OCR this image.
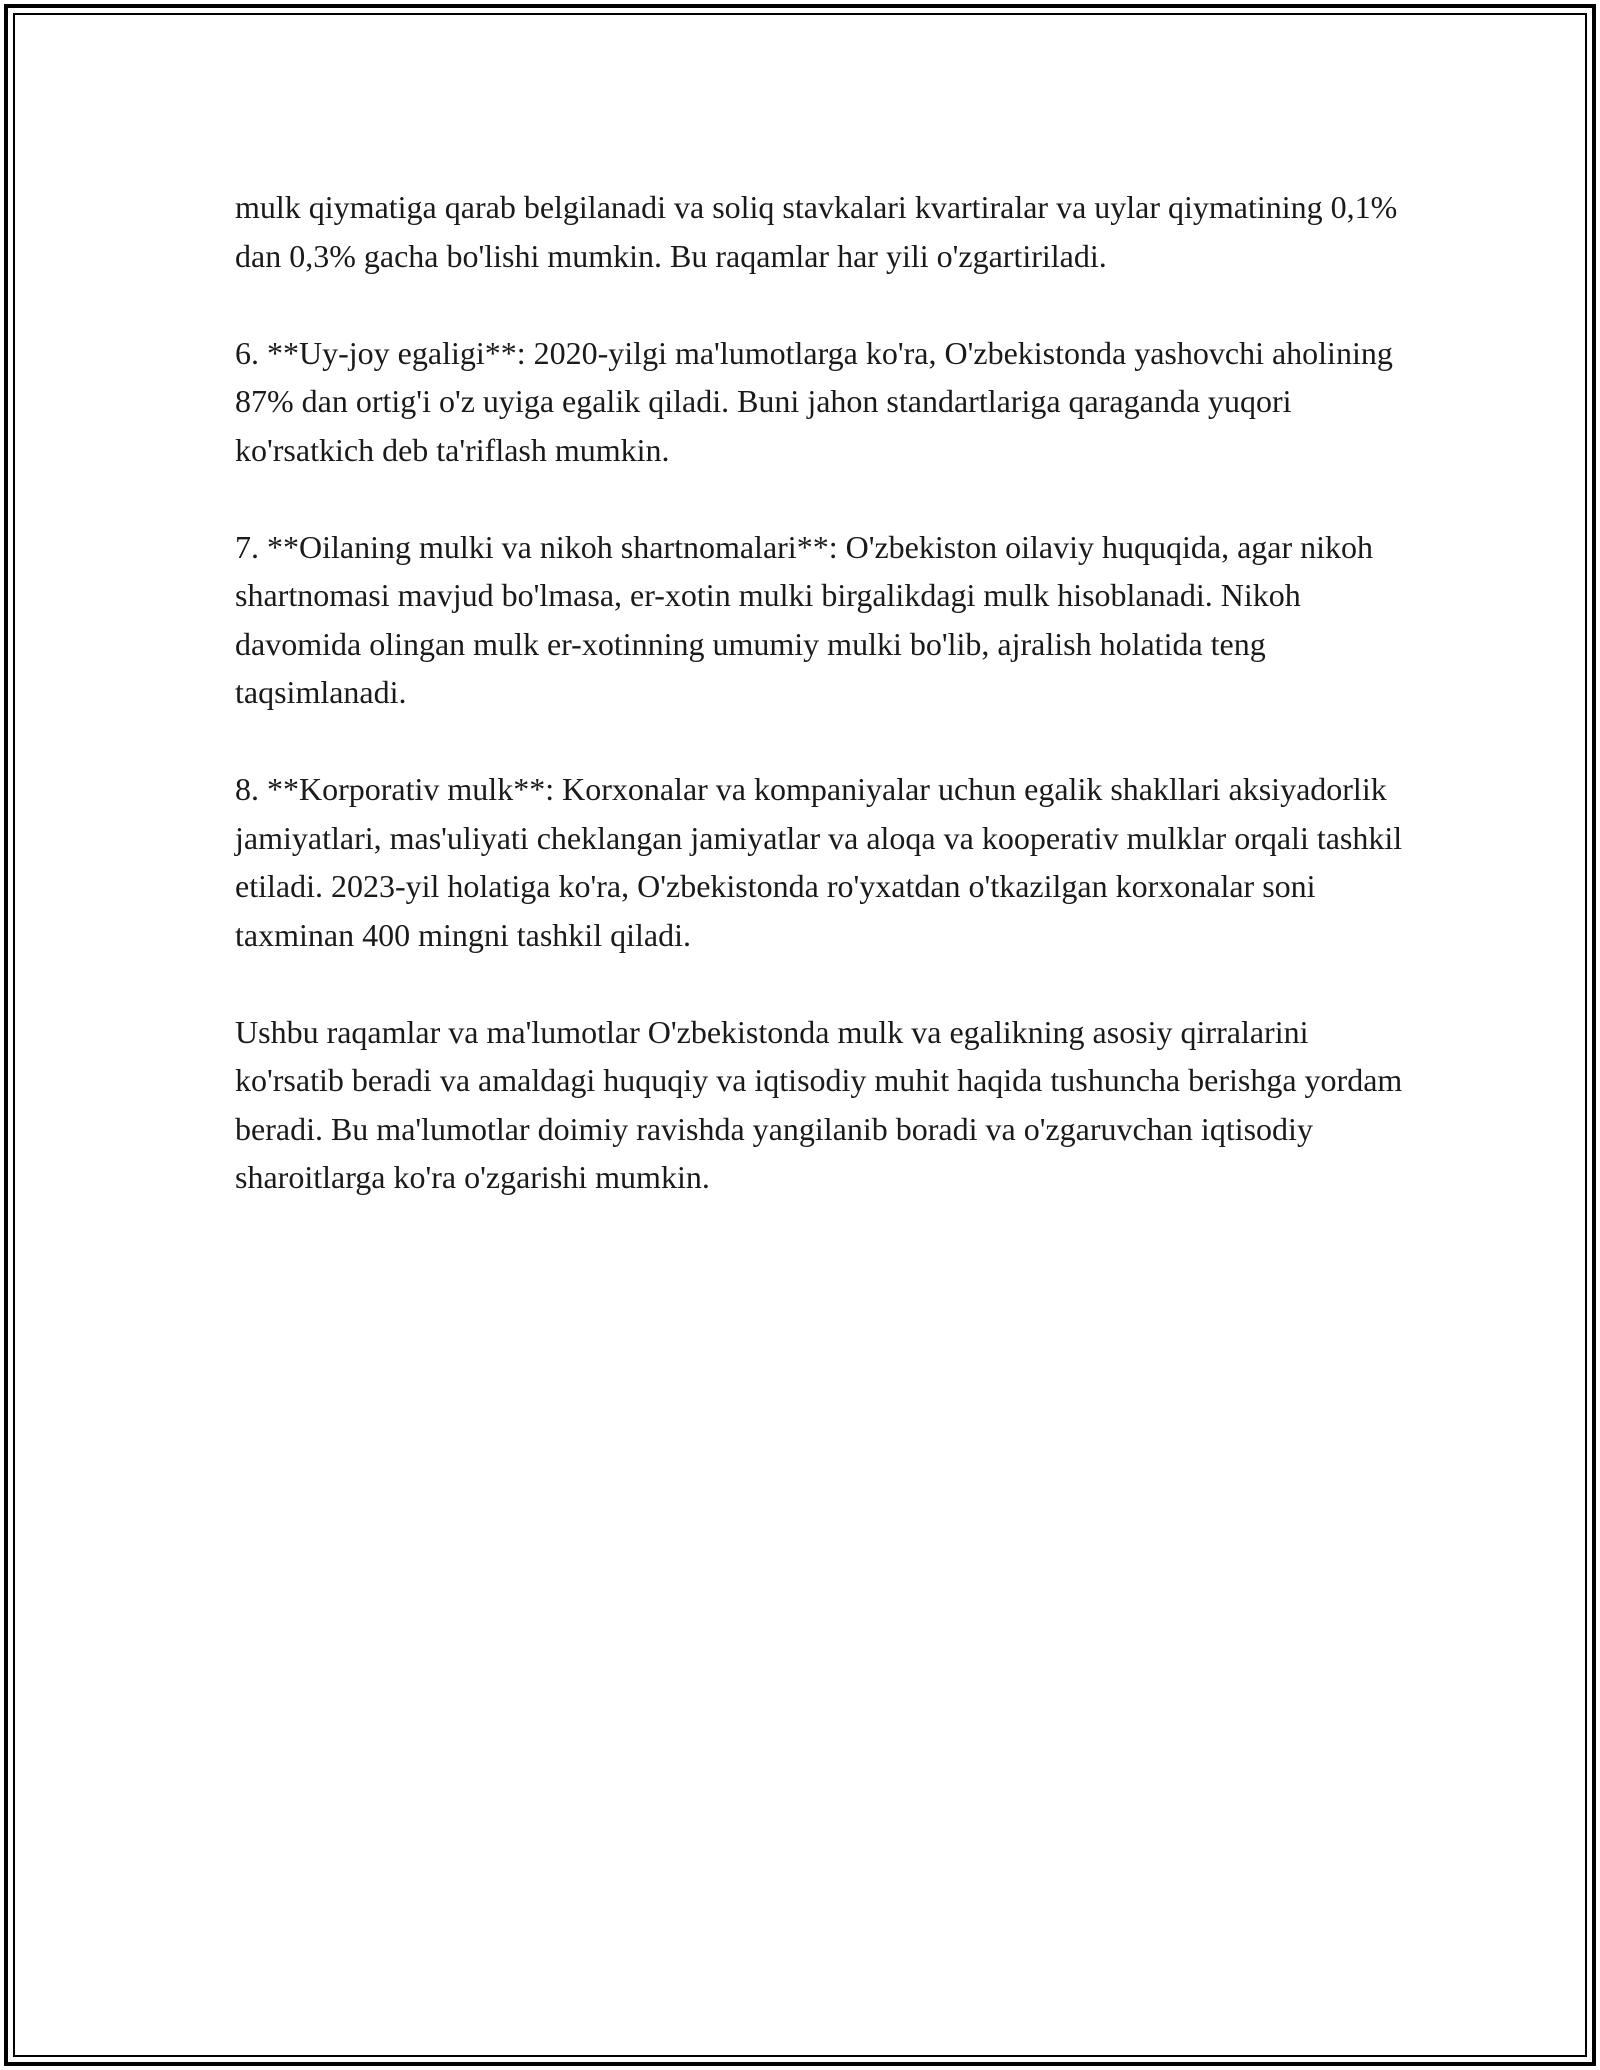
mulk qiymatiga qarab belgilanadi va soliq stavkalari kvartiralar va uylar qiymatining 0,1% dan 0,3% gacha bo'lishi mumkin. Bu raqamlar har yili o'zgartiriladi.

6. **Uy-joy egaligi**: 2020-yilgi ma'lumotlarga ko'ra, O'zbekistonda yashovchi aholining 87% dan ortig'i o'z uyiga egalik qiladi. Buni jahon standartlariga qaraganda yuqori ko'rsatkich deb ta'riflash mumkin.

7. **Oilaning mulki va nikoh shartnomalari**: O'zbekiston oilaviy huquqida, agar nikoh shartnomasi mavjud bo'lmasa, er-xotin mulki birgalikdagi mulk hisoblanadi. Nikoh davomida olingan mulk er-xotinning umumiy mulki bo'lib, ajralish holatida teng taqsimlanadi.

8. **Korporativ mulk**: Korxonalar va kompaniyalar uchun egalik shakllari aksiyadorlik jamiyatlari, mas'uliyati cheklangan jamiyatlar va aloqa va kooperativ mulklar orqali tashkil etiladi. 2023-yil holatiga ko'ra, O'zbekistonda ro'yxatdan o'tkazilgan korxonalar soni taxminan 400 mingni tashkil qiladi.

Ushbu raqamlar va ma'lumotlar O'zbekistonda mulk va egalikning asosiy qirralarini ko'rsatib beradi va amaldagi huquqiy va iqtisodiy muhit haqida tushuncha berishga yordam beradi. Bu ma'lumotlar doimiy ravishda yangilanib boradi va o'zgaruvchan iqtisodiy sharoitlarga ko'ra o'zgarishi mumkin.
